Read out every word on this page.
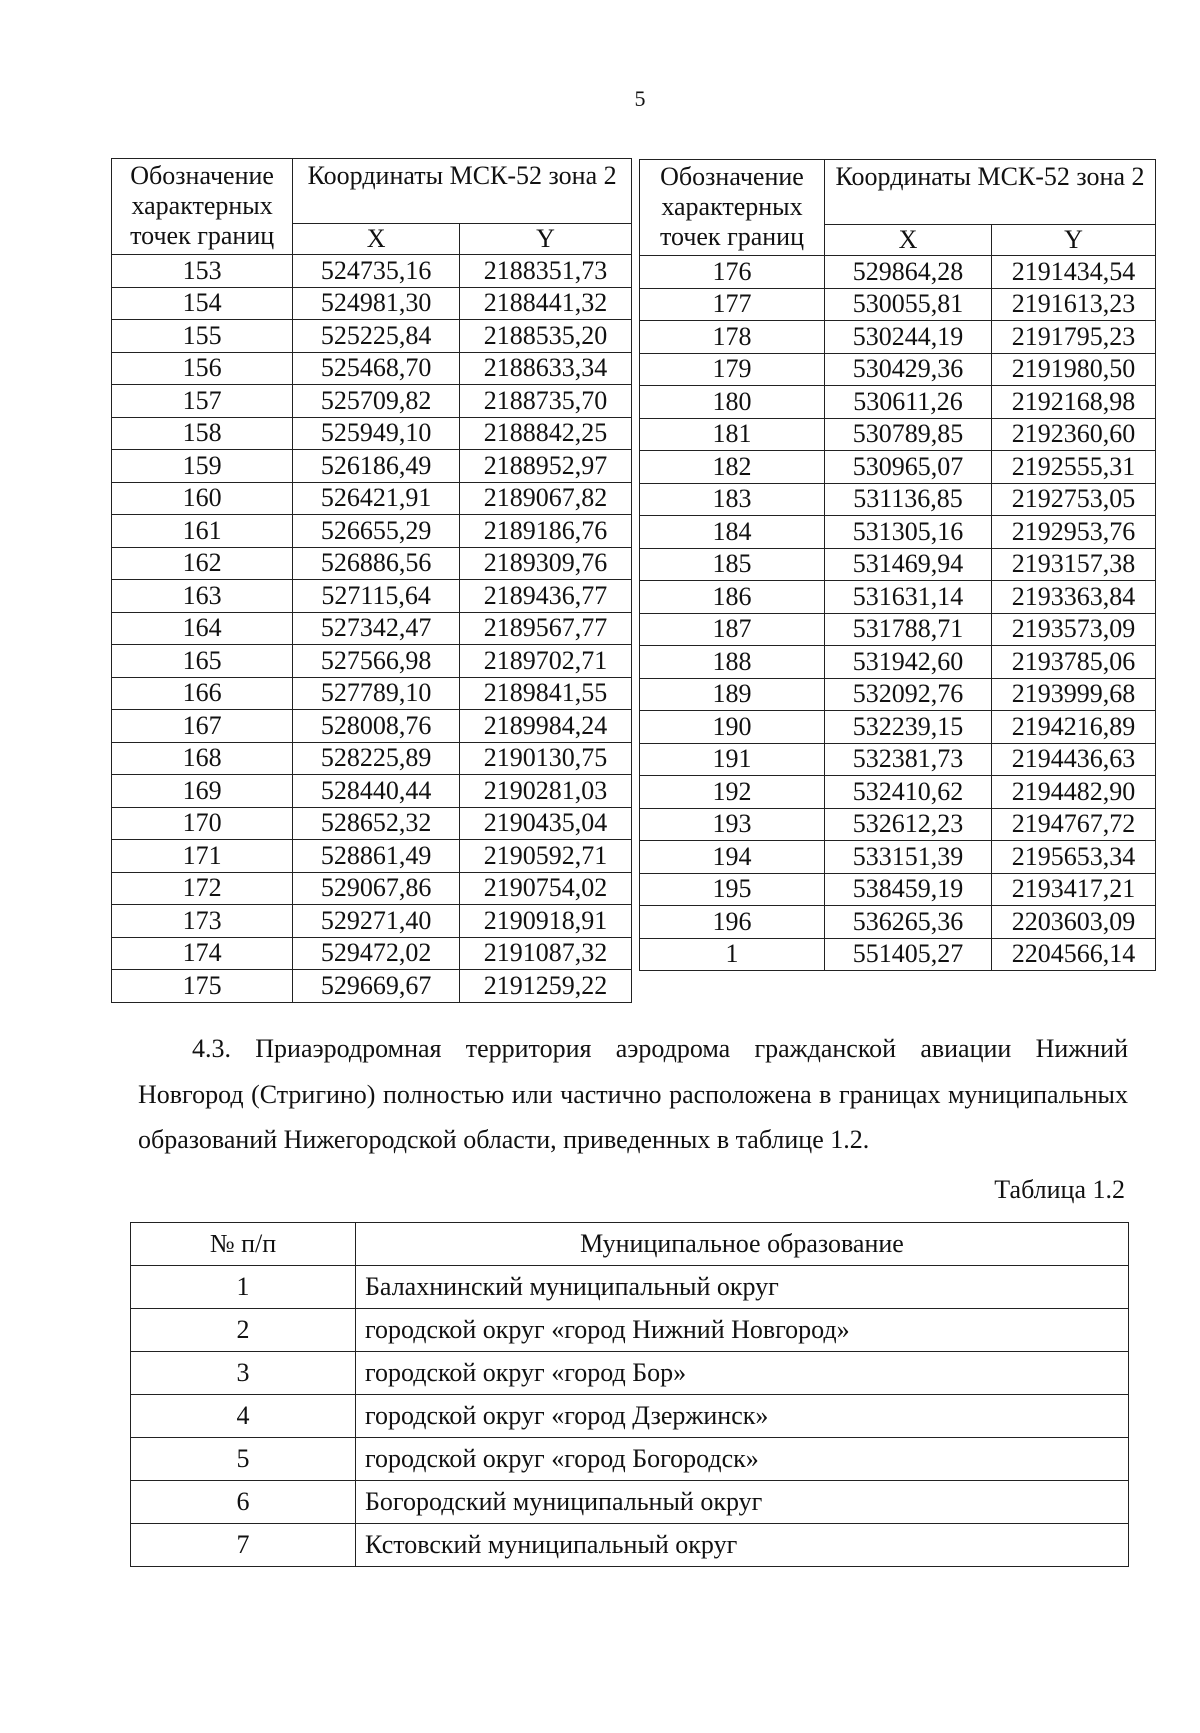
5
Обозначение характерных точек границ	Координаты МСК-52 зона 2	
	X	Y
153	524735,16	2188351,73
154	524981,30	2188441,32
155	525225,84	2188535,20
156	525468,70	2188633,34
157	525709,82	2188735,70
158	525949,10	2188842,25
159	526186,49	2188952,97
160	526421,91	2189067,82
161	526655,29	2189186,76
162	526886,56	2189309,76
163	527115,64	2189436,77
164	527342,47	2189567,77
165	527566,98	2189702,71
166	527789,10	2189841,55
167	528008,76	2189984,24
168	528225,89	2190130,75
169	528440,44	2190281,03
170	528652,32	2190435,04
171	528861,49	2190592,71
172	529067,86	2190754,02
173	529271,40	2190918,91
174	529472,02	2191087,32
175	529669,67	2191259,22
Обозначение характерных точек границ	Координаты МСК-52 зона 2	
	X	Y
176	529864,28	2191434,54
177	530055,81	2191613,23
178	530244,19	2191795,23
179	530429,36	2191980,50
180	530611,26	2192168,98
181	530789,85	2192360,60
182	530965,07	2192555,31
183	531136,85	2192753,05
184	531305,16	2192953,76
185	531469,94	2193157,38
186	531631,14	2193363,84
187	531788,71	2193573,09
188	531942,60	2193785,06
189	532092,76	2193999,68
190	532239,15	2194216,89
191	532381,73	2194436,63
192	532410,62	2194482,90
193	532612,23	2194767,72
194	533151,39	2195653,34
195	538459,19	2193417,21
196	536265,36	2203603,09
1	551405,27	2204566,14
4.3. Приаэродромная территория аэродрома гражданской авиации Нижний Новгород (Стригино) полностью или частично расположена в границах муниципальных образований Нижегородской области, приведенных в таблице 1.2.
Таблица 1.2
№ п/п	Муниципальное образование
1	Балахнинский муниципальный округ
2	городской округ «город Нижний Новгород»
3	городской округ «город Бор»
4	городской округ «город Дзержинск»
5	городской округ «город Богородск»
6	Богородский муниципальный округ
7	Кстовский муниципальный округ
